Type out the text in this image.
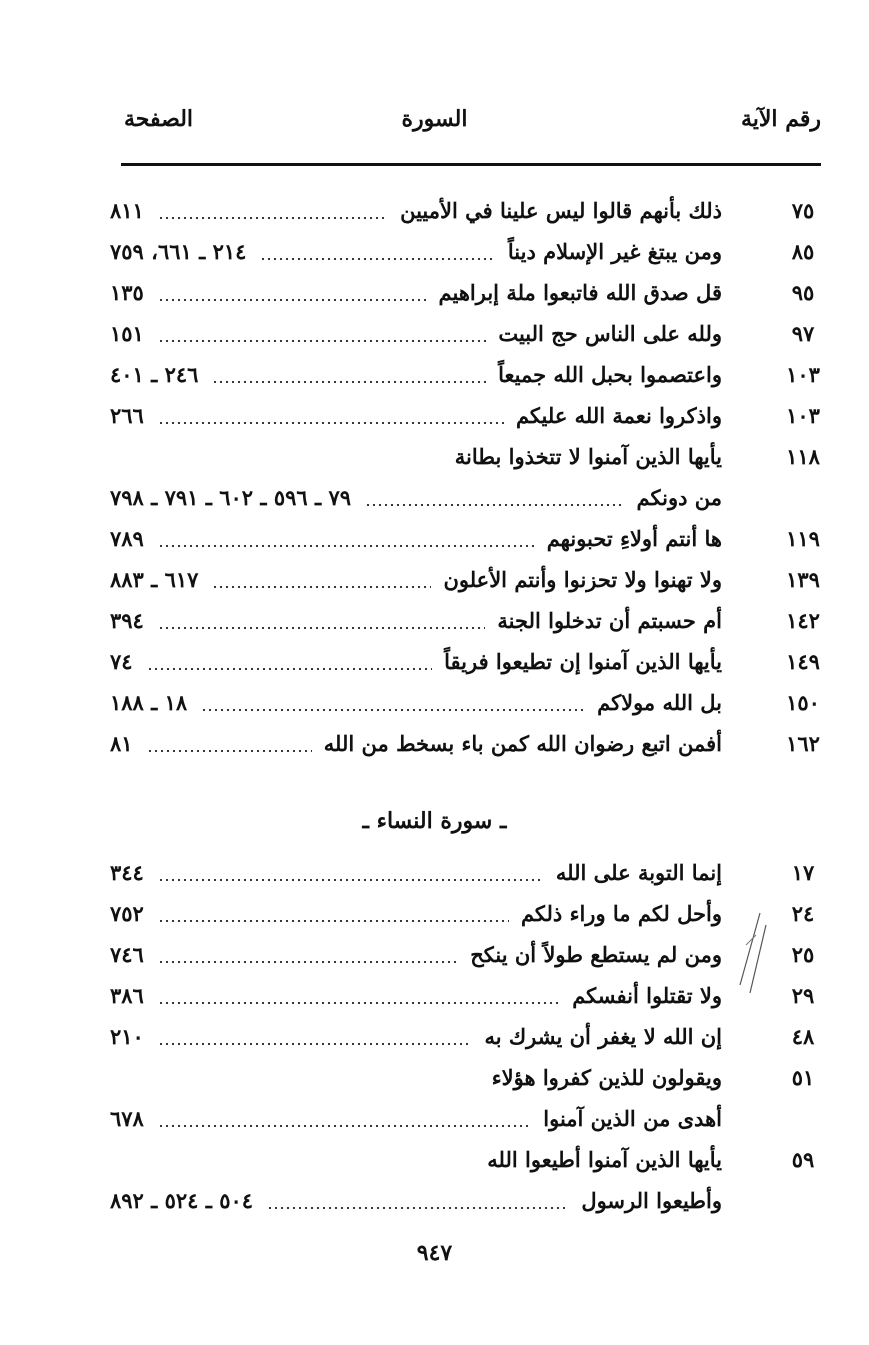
رقم الآية
السورة
الصفحة
٧٥
ذلك بأنهم قالوا ليس علينا في الأميين
٨١١
٨٥
ومن يبتغ غير الإسلام ديناً
٢١٤ ـ ٦٦١، ٧٥٩
٩٥
قل صدق الله فاتبعوا ملة إبراهيم
١٣٥
٩٧
ولله على الناس حج البيت
١٥١
١٠٣
واعتصموا بحبل الله جميعاً
٢٤٦ ـ ٤٠١
١٠٣
واذكروا نعمة الله عليكم
٢٦٦
١١٨
يأيها الذين آمنوا لا تتخذوا بطانة
من دونكم
٧٩ ـ ٥٩٦ ـ ٦٠٢ ـ ٧٩١ ـ ٧٩٨
١١٩
ها أنتم أولاءِ تحبونهم
٧٨٩
١٣٩
ولا تهنوا ولا تحزنوا وأنتم الأعلون
٦١٧ ـ ٨٨٣
١٤٢
أم حسبتم أن تدخلوا الجنة
٣٩٤
١٤٩
يأيها الذين آمنوا إن تطيعوا فريقاً
٧٤
١٥٠
بل الله مولاكم
١٨ ـ ١٨٨
١٦٢
أفمن اتبع رضوان الله كمن باء بسخط من الله
٨١
ـ سورة النساء ـ
١٧
إنما التوبة على الله
٣٤٤
٢٤
وأحل لكم ما وراء ذلكم
٧٥٢
٢٥
ومن لم يستطع طولاً أن ينكح
٧٤٦
٢٩
ولا تقتلوا أنفسكم
٣٨٦
٤٨
إن الله لا يغفر أن يشرك به
٢١٠
٥١
ويقولون للذين كفروا هؤلاء
أهدى من الذين آمنوا
٦٧٨
٥٩
يأيها الذين آمنوا أطيعوا الله
وأطيعوا الرسول
٥٠٤ ـ ٥٢٤ ـ ٨٩٢
٩٤٧
